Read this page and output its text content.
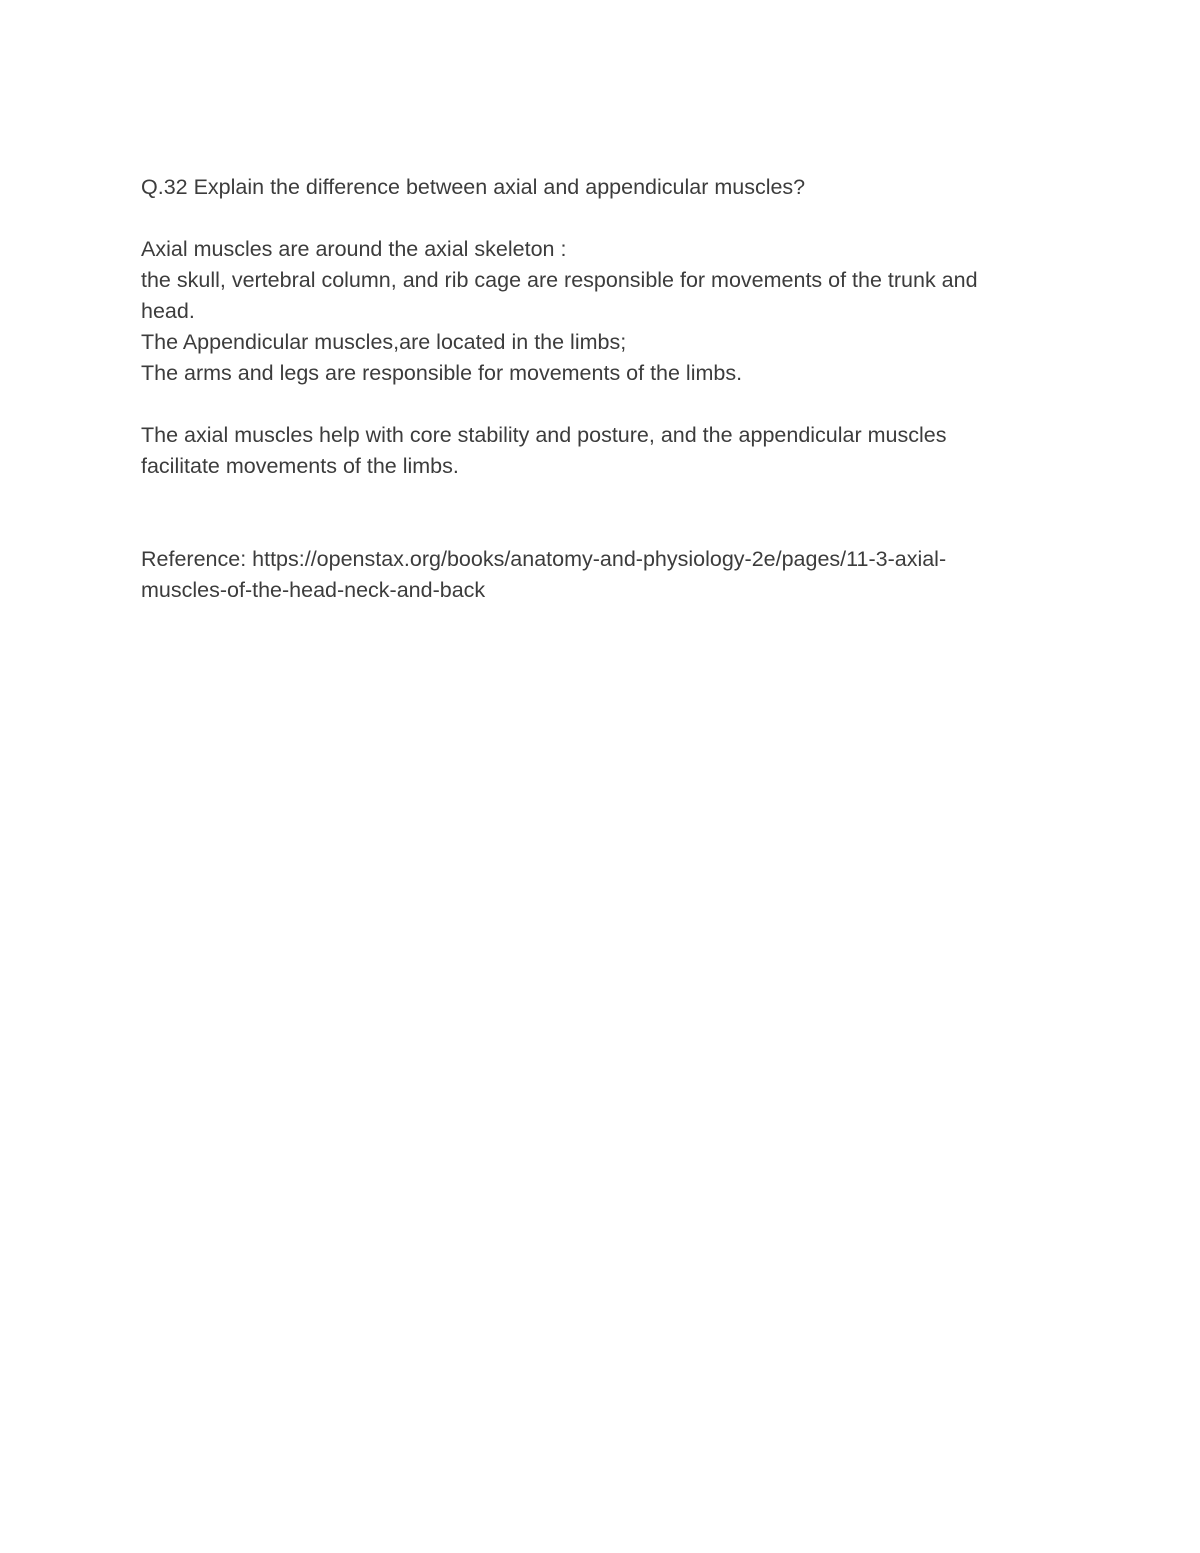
Q.32 Explain the difference between axial and appendicular muscles?
Axial muscles are around the axial skeleton :
the skull, vertebral column, and rib cage are responsible for movements of the trunk and
head.
The Appendicular muscles,are located in the limbs;
The arms and legs are responsible for movements of the limbs.
The axial muscles help with core stability and posture, and the appendicular muscles
facilitate movements of the limbs.
Reference: https://openstax.org/books/anatomy-and-physiology-2e/pages/11-3-axial-
muscles-of-the-head-neck-and-back
